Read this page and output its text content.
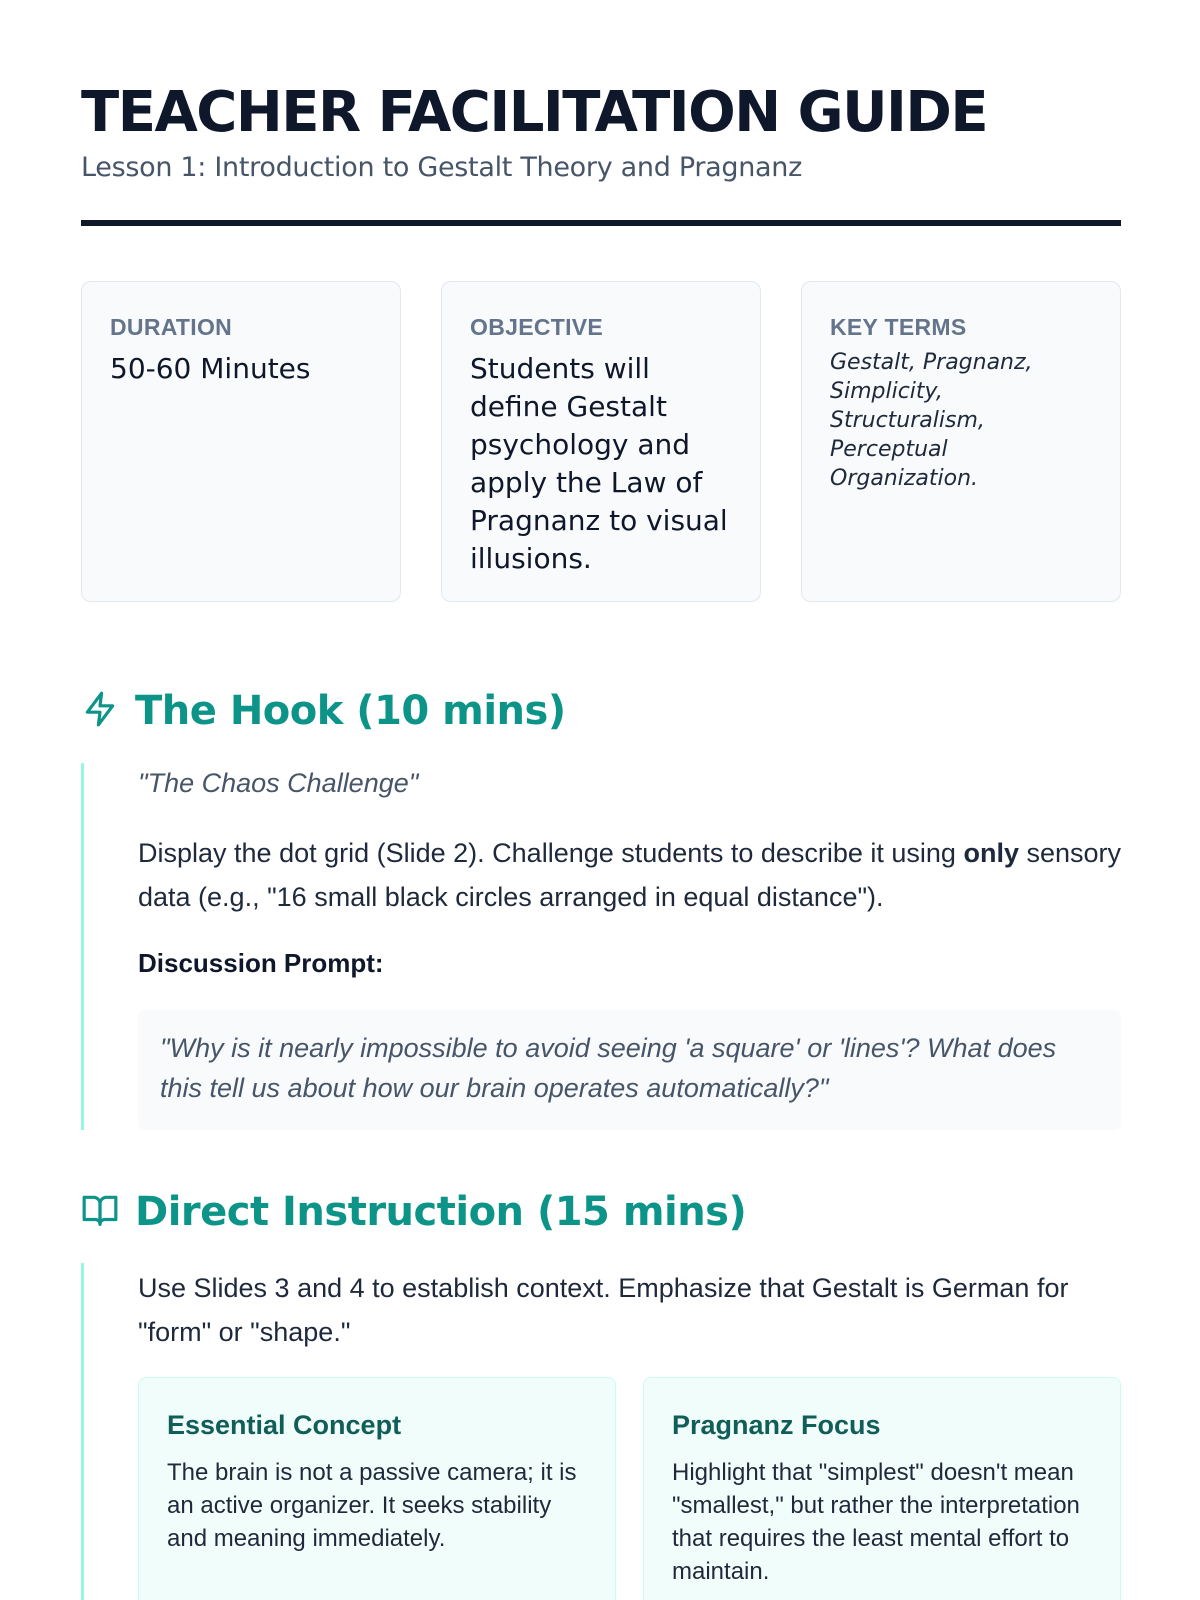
TEACHER FACILITATION GUIDE
Lesson 1: Introduction to Gestalt Theory and Pragnanz
DURATION
50-60 Minutes
OBJECTIVE
Students will define Gestalt psychology and apply the Law of Pragnanz to visual illusions.
KEY TERMS
Gestalt, Pragnanz, Simplicity, Structuralism, Perceptual Organization.
The Hook (10 mins)
"The Chaos Challenge"

Display the dot grid (Slide 2). Challenge students to describe it using only sensory data (e.g., "16 small black circles arranged in equal distance").

Discussion Prompt:
"Why is it nearly impossible to avoid seeing 'a square' or 'lines'? What does this tell us about how our brain operates automatically?"
Direct Instruction (15 mins)

Use Slides 3 and 4 to establish context. Emphasize that Gestalt is German for "form" or "shape."

Essential Concept
The brain is not a passive camera; it is an active organizer. It seeks stability and meaning immediately.
Pragnanz Focus
Highlight that "simplest" doesn't mean "smallest," but rather the interpretation that requires the least mental effort to maintain.
